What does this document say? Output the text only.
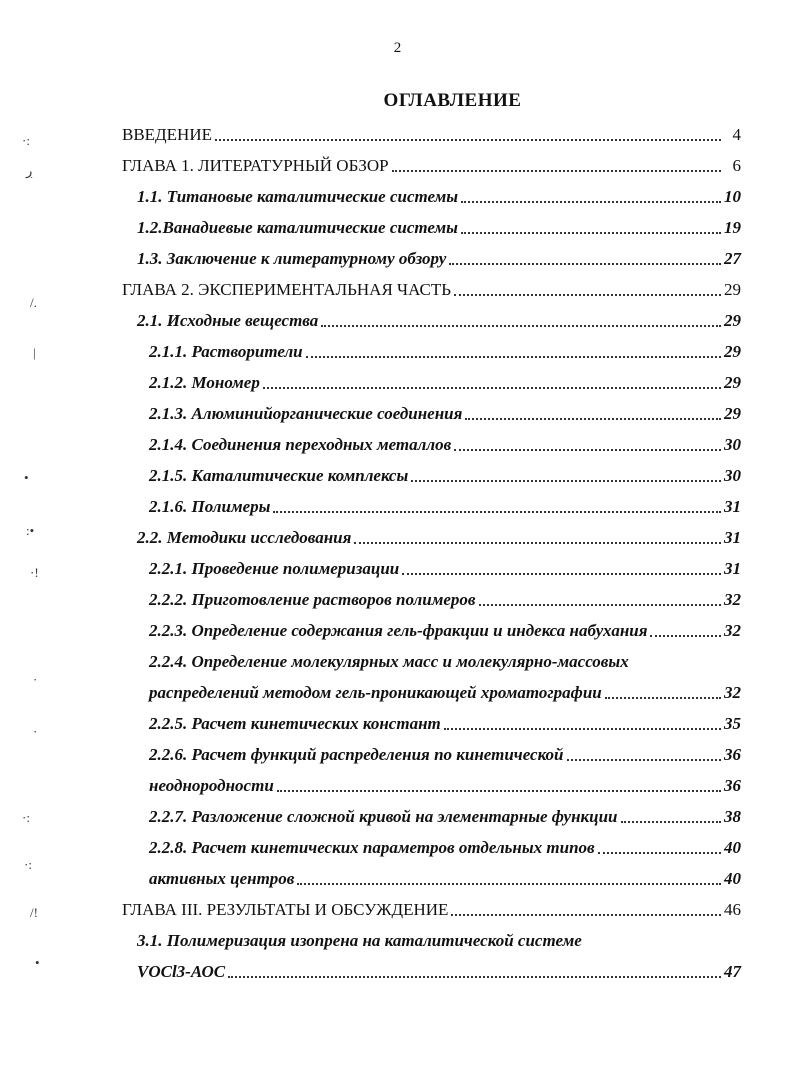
2
ОГЛАВЛЕНИЕ
·:
ڔ
/.
|
•
:•
·!
·
·
·:
·:
/!
•
ВВЕДЕНИЕ	4
ГЛАВА 1. ЛИТЕРАТУРНЫЙ ОБЗОР	6
1.1. Титановые каталитические системы	10
1.2.Ванадиевые каталитические системы	19
1.3. Заключение к литературному обзору	27
ГЛАВА 2. ЭКСПЕРИМЕНТАЛЬНАЯ ЧАСТЬ	29
2.1. Исходные вещества	29
2.1.1. Растворители	29
2.1.2. Мономер	29
2.1.3. Алюминийорганические соединения	29
2.1.4. Соединения переходных металлов	30
2.1.5. Каталитические комплексы	30
2.1.6. Полимеры	31
2.2. Методики исследования	31
2.2.1. Проведение полимеризации	31
2.2.2. Приготовление растворов полимеров	32
2.2.3. Определение содержания гель-фракции и индекса набухания	32
2.2.4. Определение молекулярных масс и молекулярно-массовых
распределений методом гель-проникающей хроматографии	32
2.2.5. Расчет кинетических констант	35
2.2.6. Расчет функций распределения по кинетической	36
неоднородности	36
2.2.7. Разложение сложной кривой на элементарные функции	38
2.2.8. Расчет кинетических параметров отдельных типов	40
активных центров	40
ГЛАВА III. РЕЗУЛЬТАТЫ И ОБСУЖДЕНИЕ	46
3.1. Полимеризация изопрена на каталитической системе
VOCl3-АОС	47
